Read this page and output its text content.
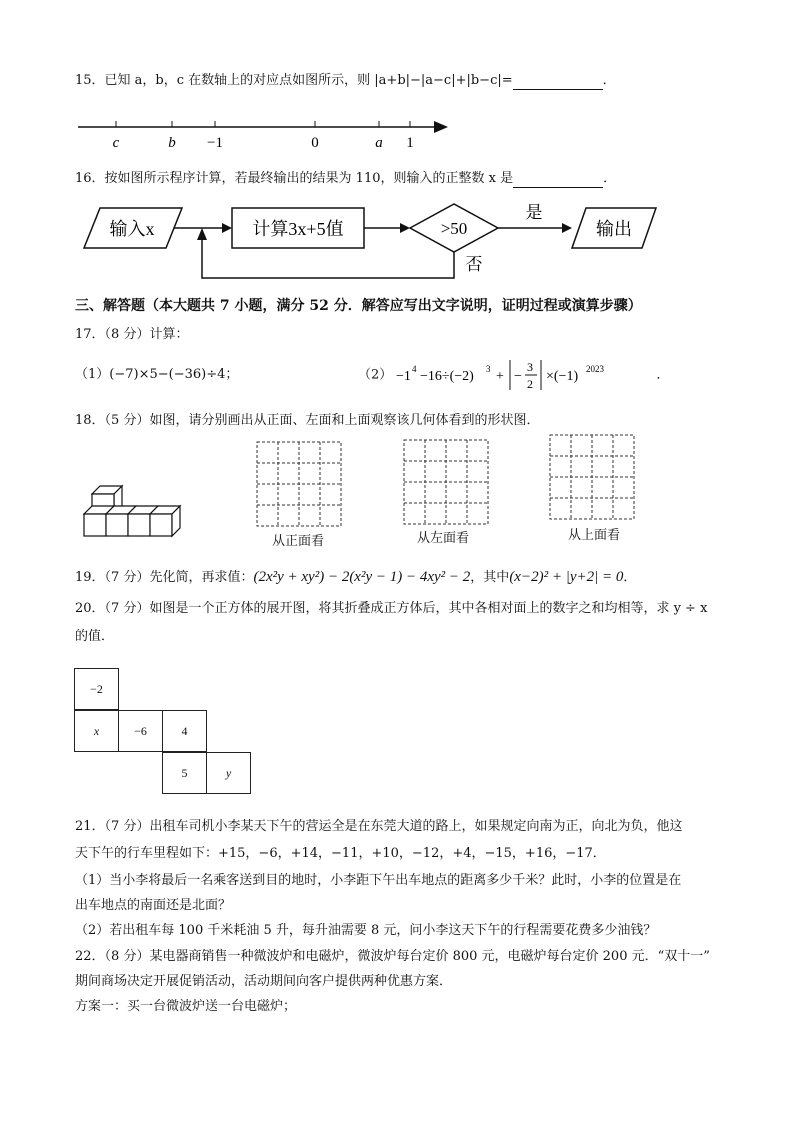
15．已知 a，b，c 在数轴上的对应点如图所示，则 |a+b|−|a−c|+|b−c|=	．
c	b −1	0	a 1
16．按如图所示程序计算，若最终输出的结果为 110，则输入的正整数 x 是	．
输入x	计算3x+5值	>50
是
输出
否
三、解答题（本大题共 7 小题，满分 52 分．解答应写出文字说明，证明过程或演算步骤）
17．（8 分）计算：
（1）(−7)×5−(−36)÷4；	（2） −1 4 −16÷(−2) 3 + −
3
2 ×(−1) 2023	．
18．（5 分）如图，请分别画出从正面、左面和上面观察该几何体看到的形状图．
从正面看	从左面看	从上面看
19．（7 分）先化简，再求值：(2x²y + xy²) − 2(x²y − 1) − 4xy² − 2，其中(x−2)² + |y+2| = 0．
20．（7 分）如图是一个正方体的展开图，将其折叠成正方体后，其中各相对面上的数字之和均相等，求 y ÷ x
的值．
−2
x	−6	4
5	y
21．（7 分）出租车司机小李某天下午的营运全是在东莞大道的路上，如果规定向南为正，向北为负，他这
天下午的行车里程如下：+15，−6，+14，−11，+10，−12，+4，−15，+16，−17．
（1）当小李将最后一名乘客送到目的地时，小李距下午出车地点的距离多少千米？此时，小李的位置是在
出车地点的南面还是北面？
（2）若出租车每 100 千米耗油 5 升，每升油需要 8 元，问小李这天下午的行程需要花费多少油钱？
22．（8 分）某电器商销售一种微波炉和电磁炉，微波炉每台定价 800 元，电磁炉每台定价 200 元．“双十一”
期间商场决定开展促销活动，活动期间向客户提供两种优惠方案．
方案一：买一台微波炉送一台电磁炉；
